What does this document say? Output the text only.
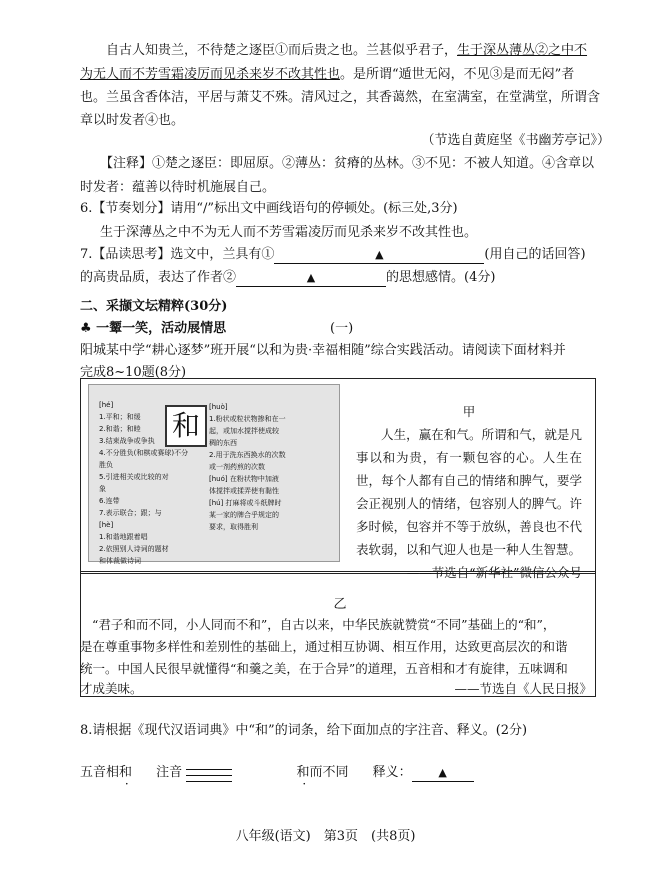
自古人知贵兰，不待楚之逐臣①而后贵之也。兰甚似乎君子，生于深丛薄丛②之中不
为无人而不芳雪霜凌厉而见杀来岁不改其性也。是所谓“遁世无闷，不见③是而无闷”者
也。兰虽含香体洁，平居与萧艾不殊。清风过之，其香蔼然，在室满室，在堂满堂，所谓含
章以时发者④也。
（节选自黄庭坚《书幽芳亭记》）
【注释】①楚之逐臣：即屈原。②薄丛：贫瘠的丛林。③不见：不被人知道。④含章以
时发者：蕴善以待时机施展自己。
6.【节奏划分】请用“/”标出文中画线语句的停顿处。(标三处,3分)
生于深薄丛之中不为无人而不芳雪霜凌厉而见杀来岁不改其性也。
7.【品读思考】选文中，兰具有①	▲	(用自己的话回答)
的高贵品质，表达了作者②	▲	的思想感情。(4分)
二、采撷文坛精粹(30分)
♣ 一颦一笑，活动展情思	(一)
阳城某中学“耕心逐梦”班开展“以和为贵·幸福相随”综合实践活动。请阅读下面材料并
完成8~10题(8分)
和
[hé]
1.平和；和缓
2.和谐；和睦
3.结束战争或争执
4.不分胜负(和棋或赛球)不分
胜负
5.引进相关或比较的对
象
6.连带
7.表示联合；跟；与
[hè]
1.和谐地跟着唱
2.依照别人诗词的题材
和体裁做诗词
[huò]
1.粉状或粒状物掺和在一
起，或加水搅拌使成较
稠的东西
2.用于洗东西换水的次数
或一剂药煎的次数
[huó] 在粉状物中加液
体搅拌或揉弄使有黏性
[hú] 打麻将或斗纸牌时
某一家的牌合乎规定的
要求，取得胜利
甲
人生，赢在和气。所谓和气，就是凡事以和为贵，有一颗包容的心。人生在世，每个人都有自己的情绪和脾气，要学会正视别人的情绪，包容别人的脾气。许多时候，包容并不等于放纵，善良也不代表软弱，以和气迎人也是一种人生智慧。
——节选自“新华社”微信公众号
乙
“君子和而不同，小人同而不和”，自古以来，中华民族就赞赏“不同”基础上的“和”，
是在尊重事物多样性和差别性的基础上，通过相互协调、相互作用，达致更高层次的和谐
统一。中国人民很早就懂得“和羹之美，在于合异”的道理，五音相和才有旋律，五味调和
才成美味。	——节选自《人民日报》
8.请根据《现代汉语词典》中“和”的词条，给下面加点的字注音、释义。(2分)
五音相和 注音	和而不同 释义： ▲
八年级(语文)　第3页　(共8页)
